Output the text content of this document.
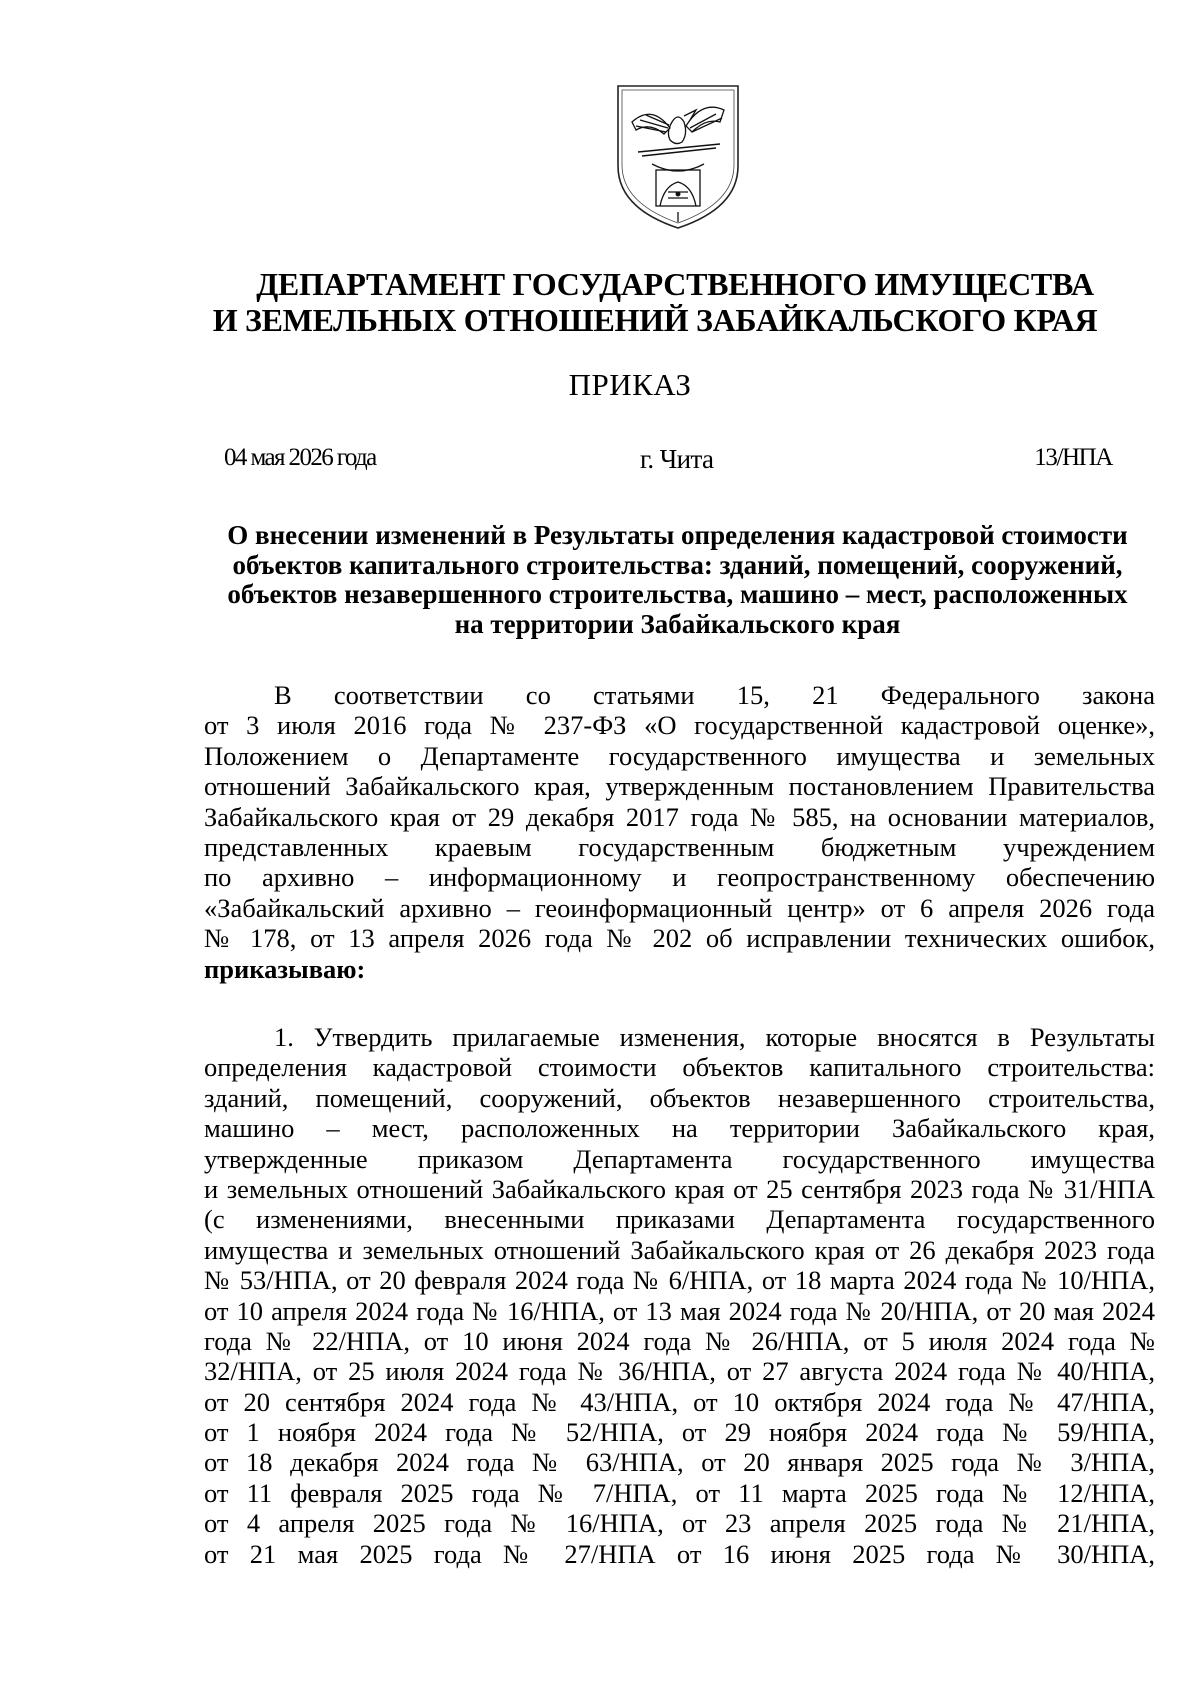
ДЕПАРТАМЕНТ ГОСУДАРСТВЕННОГО ИМУЩЕСТВА
И ЗЕМЕЛЬНЫХ ОТНОШЕНИЙ ЗАБАЙКАЛЬСКОГО КРАЯ
ПРИКАЗ
04 мая 2026 года	г. Чита	13/НПА
О внесении изменений в Результаты определения кадастровой стоимости
объектов капитального строительства: зданий, помещений, сооружений,
объектов незавершенного строительства, машино – мест, расположенных
на территории Забайкальского края
В соответствии со статьями 15, 21 Федерального закона
от 3 июля 2016 года № 237-ФЗ «О государственной кадастровой оценке»,
Положением о Департаменте государственного имущества и земельных
отношений Забайкальского края, утвержденным постановлением Правительства
Забайкальского края от 29 декабря 2017 года № 585, на основании материалов,
представленных краевым государственным бюджетным учреждением
по архивно – информационному и геопространственному обеспечению
«Забайкальский архивно – геоинформационный центр» от 6 апреля 2026 года
№ 178, от 13 апреля 2026 года № 202 об исправлении технических ошибок,
приказываю:
1. Утвердить прилагаемые изменения, которые вносятся в Результаты
определения кадастровой стоимости объектов капитального строительства:
зданий, помещений, сооружений, объектов незавершенного строительства,
машино – мест, расположенных на территории Забайкальского края,
утвержденные приказом Департамента государственного имущества
и земельных отношений Забайкальского края от 25 сентября 2023 года № 31/НПА
(с изменениями, внесенными приказами Департамента государственного
имущества и земельных отношений Забайкальского края от 26 декабря 2023 года
№ 53/НПА, от 20 февраля 2024 года № 6/НПА, от 18 марта 2024 года № 10/НПА,
от 10 апреля 2024 года № 16/НПА, от 13 мая 2024 года № 20/НПА, от 20 мая 2024
года № 22/НПА, от 10 июня 2024 года № 26/НПА, от 5 июля 2024 года №
32/НПА, от 25 июля 2024 года № 36/НПА, от 27 августа 2024 года № 40/НПА,
от 20 сентября 2024 года № 43/НПА, от 10 октября 2024 года № 47/НПА,
от 1 ноября 2024 года № 52/НПА, от 29 ноября 2024 года № 59/НПА,
от 18 декабря 2024 года № 63/НПА, от 20 января 2025 года № 3/НПА,
от 11 февраля 2025 года № 7/НПА, от 11 марта 2025 года № 12/НПА,
от 4 апреля 2025 года № 16/НПА, от 23 апреля 2025 года № 21/НПА,
от 21 мая 2025 года № 27/НПА от 16 июня 2025 года № 30/НПА,
